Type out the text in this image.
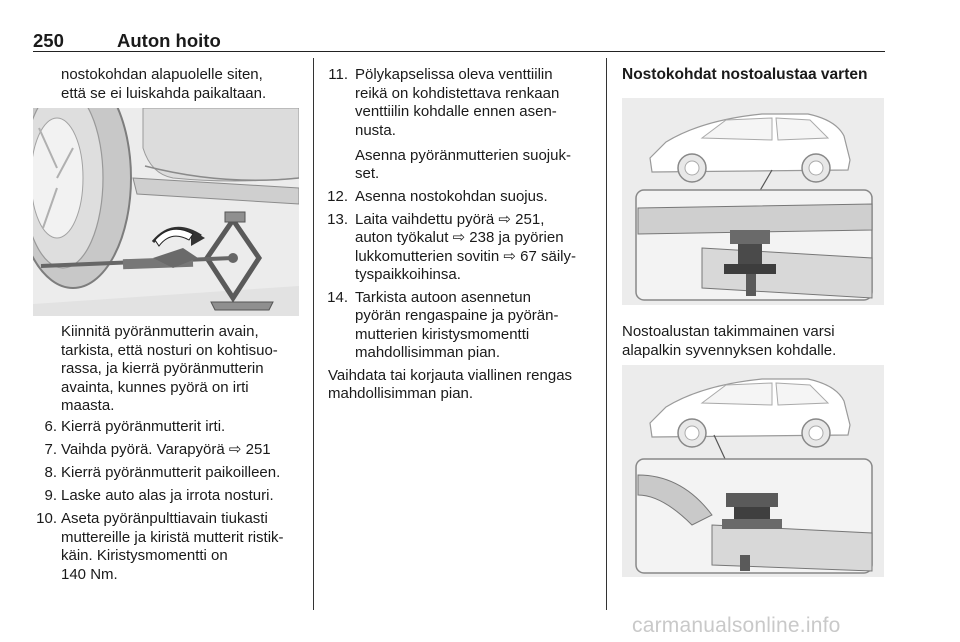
250	Auton hoito
nostokohdan alapuolelle siten,
että se ei luiskahda paikaltaan.
Kiinnitä pyöränmutterin avain,
tarkista, että nosturi on kohtisuo-
rassa, ja kierrä pyöränmutterin
avainta, kunnes pyörä on irti
maasta.
6. Kierrä pyöränmutterit irti.
7. Vaihda pyörä. Varapyörä ⇨ 251
8. Kierrä pyöränmutterit paikoilleen.
9. Laske auto alas ja irrota nosturi.
10. Aseta pyöränpulttiavain tiukasti
muttereille ja kiristä mutterit ristik-
käin. Kiristysmomentti on
140 Nm.
11. Pölykapselissa oleva venttiilin
reikä on kohdistettava renkaan
venttiilin kohdalle ennen asen-
nusta.
Asenna pyöränmutterien suojuk-
set.
12. Asenna nostokohdan suojus.
13. Laita vaihdettu pyörä ⇨ 251,
auton työkalut ⇨ 238 ja pyörien
lukkomutterien sovitin ⇨ 67 säily-
tyspaikkoihinsa.
14. Tarkista autoon asennetun
pyörän rengaspaine ja pyörän-
mutterien kiristysmomentti
mahdollisimman pian.
Vaihdata tai korjauta viallinen rengas
mahdollisimman pian.
Nostokohdat nostoalustaa varten
Nostoalustan takimmainen varsi
alapalkin syvennyksen kohdalle.
carmanualsonline.info
